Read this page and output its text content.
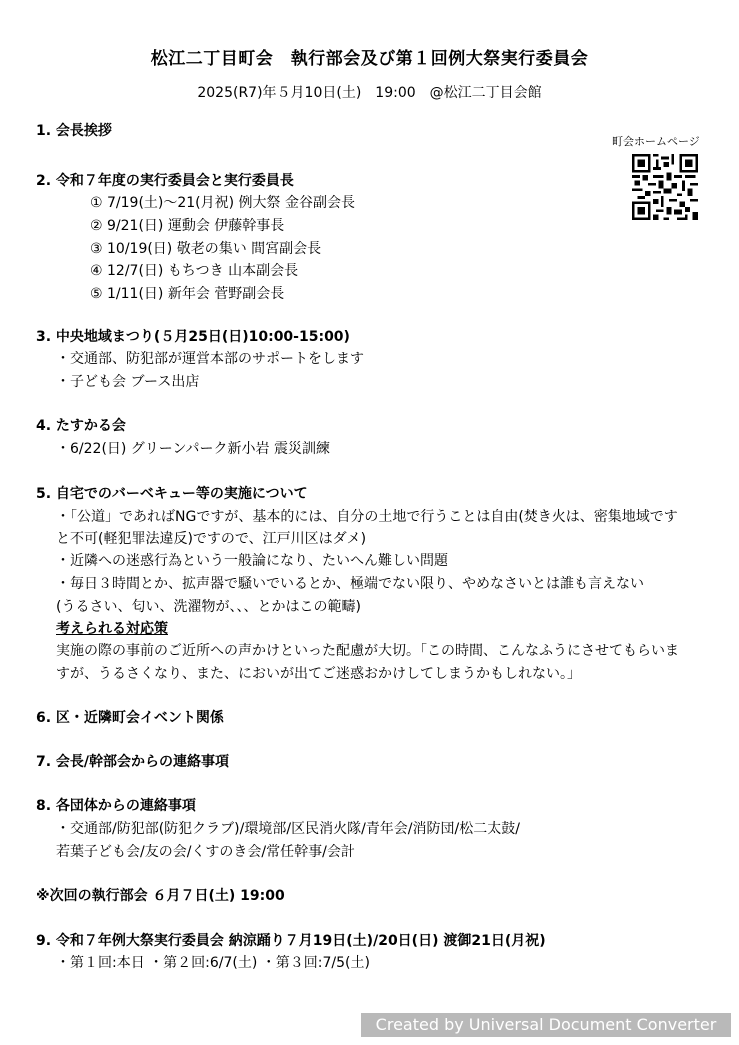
松江二丁目町会　執行部会及び第１回例大祭実行委員会
2025(R7)年５月10日(土)　19:00　@松江二丁目会館
町会ホームページ
1. 会長挨拶
2. 令和７年度の実行委員会と実行委員長
① 7/19(土)～21(月祝) 例大祭 金谷副会長
② 9/21(日) 運動会 伊藤幹事長
③ 10/19(日) 敬老の集い 間宮副会長
④ 12/7(日) もちつき 山本副会長
⑤ 1/11(日) 新年会 菅野副会長
3. 中央地域まつり(５月25日(日)10:00-15:00)
・交通部、防犯部が運営本部のサポートをします
・子ども会 ブース出店
4. たすかる会
・6/22(日) グリーンパーク新小岩 震災訓練
5. 自宅でのバーベキュー等の実施について
・「公道」であればNGですが、基本的には、自分の土地で行うことは自由(焚き火は、密集地域です
と不可(軽犯罪法違反)ですので、江戸川区はダメ)
・近隣への迷惑行為という一般論になり、たいへん難しい問題
・毎日３時間とか、拡声器で騒いでいるとか、極端でない限り、やめなさいとは誰も言えない
(うるさい、匂い、洗濯物が、、、とかはこの範疇)
考えられる対応策
実施の際の事前のご近所への声かけといった配慮が大切。「この時間、こんなふうにさせてもらいま
すが、うるさくなり、また、においが出てご迷惑おかけしてしまうかもしれない。」
6. 区・近隣町会イベント関係
7. 会長/幹部会からの連絡事項
8. 各団体からの連絡事項
・交通部/防犯部(防犯クラブ)/環境部/区民消火隊/青年会/消防団/松二太鼓/
若葉子ども会/友の会/くすのき会/常任幹事/会計
※次回の執行部会 ６月７日(土) 19:00
9. 令和７年例大祭実行委員会 納涼踊り７月19日(土)/20日(日) 渡御21日(月祝)
・第１回:本日 ・第２回:6/7(土) ・第３回:7/5(土)
Created by Universal Document Converter
